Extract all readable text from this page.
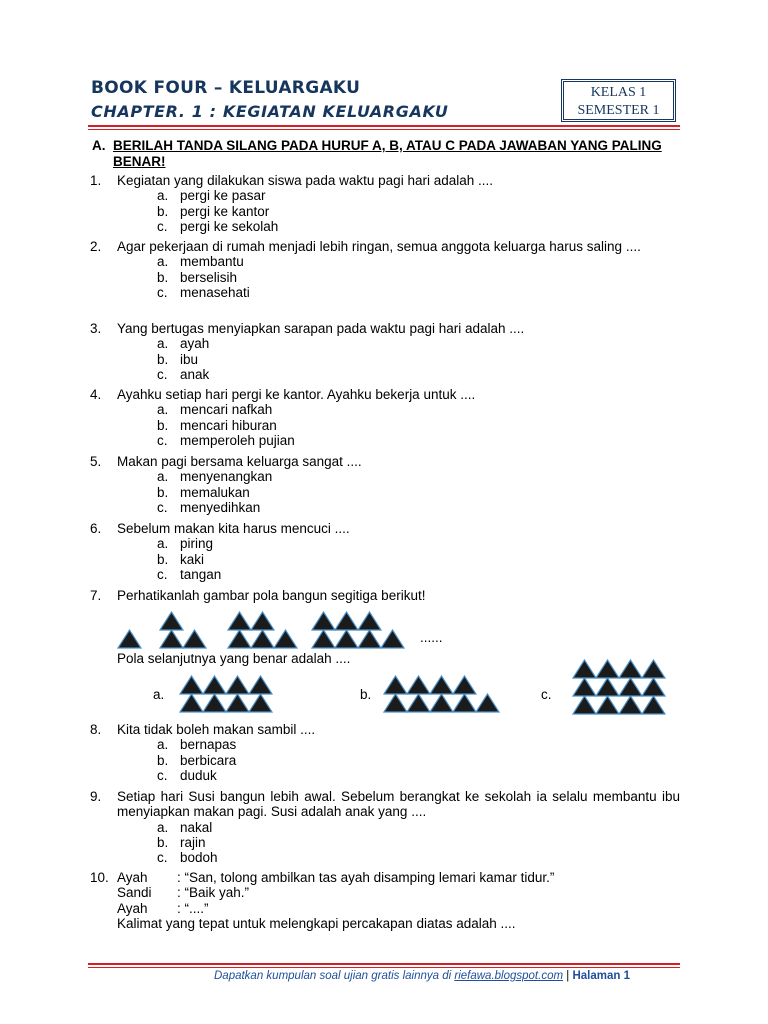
BOOK FOUR – KELUARGAKU
CHAPTER. 1 : KEGIATAN KELUARGAKU
KELAS 1
SEMESTER 1
A. BERILAH TANDA SILANG PADA HURUF A, B, ATAU C PADA JAWABAN YANG PALING BENAR!
1. Kegiatan yang dilakukan siswa pada waktu pagi hari adalah ....
a. pergi ke pasar
b. pergi ke kantor
c. pergi ke sekolah
2. Agar pekerjaan di rumah menjadi lebih ringan, semua anggota keluarga harus saling ....
a. membantu
b. berselisih
c. menasehati
3. Yang bertugas menyiapkan sarapan pada waktu pagi hari adalah ....
a. ayah
b. ibu
c. anak
4. Ayahku setiap hari pergi ke kantor. Ayahku bekerja untuk ....
a. mencari nafkah
b. mencari hiburan
c. memperoleh pujian
5. Makan pagi bersama keluarga sangat ....
a. menyenangkan
b. memalukan
c. menyedihkan
6. Sebelum makan kita harus mencuci ....
a. piring
b. kaki
c. tangan
7. Perhatikanlah gambar pola bangun segitiga berikut!
......
Pola selanjutnya yang benar adalah ....
a.	b.	c.
8. Kita tidak boleh makan sambil ....
a. bernapas
b. berbicara
c. duduk
9. Setiap hari Susi bangun lebih awal. Sebelum berangkat ke sekolah ia selalu membantu ibu menyiapkan makan pagi. Susi adalah anak yang ....
a. nakal
b. rajin
c. bodoh
10. Ayah : “San, tolong ambilkan tas ayah disamping lemari kamar tidur.”
Sandi : “Baik yah.”
Ayah : “....”
Kalimat yang tepat untuk melengkapi percakapan diatas adalah ....
Dapatkan kumpulan soal ujian gratis lainnya di riefawa.blogspot.com | Halaman 1
